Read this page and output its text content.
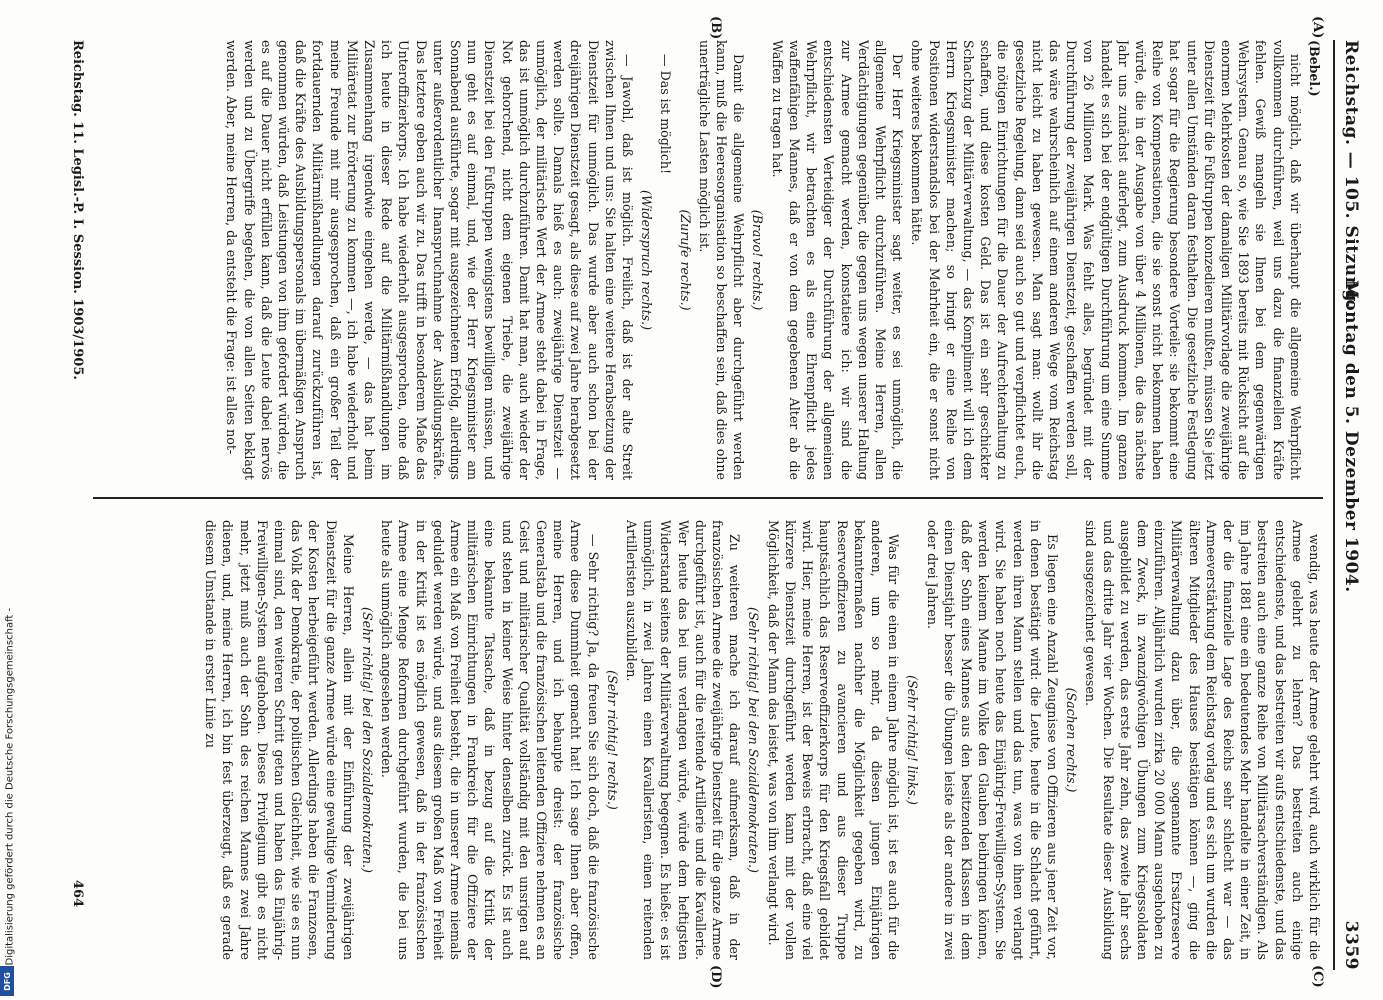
Reichstag. — 105. Sitzung.
Montag den 5. Dezember 1904.
3359
(A)
(B)
(C)
(D)

(Bebel.)

nicht möglich, daß wir überhaupt die allgemeine Wehrpflicht vollkommen durchführen, weil uns dazu die finanziellen Kräfte fehlen. Gewiß mangeln sie Ihnen bei dem gegenwärtigen Wehrsystem. Genau so, wie Sie 1893 bereits mit Rücksicht auf die enormen Mehrkosten der damaligen Militärvorlage die zweijährige Dienstzeit für die Fußtruppen konzedieren mußten, müssen Sie jetzt unter allen Umständen daran festhalten. Die gesetzliche Festlegung hat sogar für die Regierung besondere Vorteile: sie bekommt eine Reihe von Kompensationen, die sie sonst nicht bekommen haben würde, die in der Ausgabe von über 4 Millionen, die das nächste Jahr uns zunächst auferlegt, zum Ausdruck kommen. Im ganzen handelt es sich bei der endgültigen Durchführung um eine Summe von 26 Millionen Mark. Was fehlt alles, begründet mit der Durchführung der zweijährigen Dienstzeit, geschaffen werden soll, das wäre wahrscheinlich auf einem anderen Wege vom Reichstag nicht leicht zu haben gewesen. Man sagt man: wollt ihr die gesetzliche Regelung, dann seid auch so gut und verpflichtet euch, die nötigen Einrichtungen für die Dauer der Aufrechterhaltung zu schaffen, und diese kosten Geld. Das ist ein sehr geschickter Schachzug der Militärverwaltung, — das Kompliment will ich dem Herrn Kriegsminister machen; so bringt er eine Reihe von Positionen widerstandslos bei der Mehrheit ein, die er sonst nicht ohne weiteres bekommen hätte.

Der Herr Kriegsminister sagt weiter, es sei unmöglich, die allgemeine Wehrpflicht durchzuführen. Meine Herren, allen Verdächtigungen gegenüber, die gegen uns wegen unserer Haltung zur Armee gemacht werden, konstatiere ich: wir sind die entschiedensten Verteidiger der Durchführung der allgemeinen Wehrpflicht, wir betrachten es als eine Ehrenpflicht jedes waffenfähigen Mannes, daß er von dem gegebenen Alter ab die Waffen zu tragen hat.

(Bravo! rechts.)

Damit die allgemeine Wehrpflicht aber durchgeführt werden kann, muß die Heeresorganisation so beschaffen sein, daß dies ohne unerträgliche Lasten möglich ist.

(Zurufe rechts.)

— Das ist möglich!

(Widerspruch rechts.)

— Jawohl, daß ist möglich. Freilich, daß ist der alte Streit zwischen Ihnen und uns: Sie halten eine weitere Herabsetzung der Dienstzeit für unmöglich. Das wurde aber auch schon bei der dreijährigen Dienstzeit gesagt, als diese auf zwei Jahre herabgesetzt werden sollte. Damals hieß es auch: zweijährige Dienstzeit — unmöglich, der militärische Wert der Armee steht dabei in Frage, das ist unmöglich durchzuführen. Damit hat man, auch wieder der Not gehorchend, nicht dem eigenen Triebe, die zweijährige Dienstzeit bei den Fußtruppen wenigstens bewilligen müssen, und nun geht es auf einmal, und, wie der Herr Kriegsminister am Sonnabend ausführte, sogar mit ausgezeichnetem Erfolg, allerdings unter außerordentlicher Inanspruchnahme der Ausbildungskräfte. Das letztere geben auch wir zu. Das trifft in besonderem Maße das Unteroffizierkorps. Ich habe wiederholt ausgesprochen, ohne daß ich heute in dieser Rede auf die Militärmißhandlungen im Zusammenhang irgendwie eingehen werde, — das hat beim Militäretat zur Erörterung zu kommen —, ich habe wiederholt und meine Freunde mit mir ausgesprochen, daß ein großer Teil der fortdauernden Militärmißhandlungen darauf zurückzuführen ist, daß die Kräfte des Ausbildungspersonals im übermäßigen Anspruch genommen würden, daß Leistungen von ihm gefordert würden, die es auf die Dauer nicht erfüllen kann, daß die Leute dabei nervös werden und zu Übergriffe begehen, die von allen Seiten beklagt werden. Aber, meine Herren, da entsteht die Frage: ist alles not-

wendig, was heute der Armee gelehrt wird, auch wirklich für die Armee gelehrt zu lehren? Das bestreiten auch einige entschiedenste, und das bestreiten wir aufs entschiedenste, und das bestreiten auch eine ganze Reihe von Militärsachverständigen. Als im Jahre 1881 eine ein bedeutendes Mehr handelte in einer Zeit, in der die finanzielle Lage des Reichs sehr schlecht war — das Armeeverstärkung dem Reichstag vorlag und es sich um wurden die älteren Mitglieder des Hauses bestätigen können —, ging die Militärverwaltung dazu über, die sogenannte Ersatzreserve einzuführen. Alljährlich wurden zirka 20 000 Mann ausgehoben zu dem Zweck, in zwanzigwöchigen Übungen zum Kriegssoldaten ausgebildet zu werden, das erste Jahr zehn, das zweite Jahr sechs und das dritte Jahr vier Wochen. Die Resultate dieser Ausbildung sind ausgezeichnet gewesen.

(Sachen rechts.)

Es liegen eine Anzahl Zeugnisse von Offizieren aus jener Zeit vor, in denen bestätigt wird: die Leute, heute in die Schlacht geführt, werden ihren Mann stellen und das tun, was von ihnen verlangt wird. Sie haben noch heute das Einjährig-Freiwilligen-System. Sie werden keinem Manne im Volke den Glauben beibringen können, daß der Sohn eines Mannes aus den besitzenden Klassen in dem einen Dienstjahr besser die Übungen leiste als der andere in zwei oder drei Jahren.

(Sehr richtig! links.)

Was für die einen in einem Jahre möglich ist, ist es auch für die anderen, um so mehr, da diesen jungen Einjährigen bekanntermaßen nachher die Möglichkeit gegeben wird, zu Reserveoffizieren zu avancieren und aus dieser Truppe hauptsächlich das Reserveoffizierkorps für den Kriegsfall gebildet wird. Hier, meine Herren, ist der Beweis erbracht, daß eine viel kürzere Dienstzeit durchgeführt werden kann mit der vollen Möglichkeit, daß der Mann das leistet, was von ihm verlangt wird.

(Sehr richtig! bei den Sozialdemokraten.)

Zu weiteren mache ich darauf aufmerksam, daß in der französischen Armee die zweijährige Dienstzeit für die ganze Armee durchgeführt ist, auch für die reitende Artillerie und die Kavallerie. Wer heute das bei uns verlangen würde, würde dem heftigsten Widerstand seitens der Militärverwaltung begegnen. Es hieße: es ist unmöglich, in zwei Jahren einen Kavalleristen, einen reitenden Artilleristen auszubilden.

(Sehr richtig! rechts.)

— Sehr richtig? Ja, da freuen Sie sich doch, daß die französische Armee diese Dummheit gemacht hat! Ich sage Ihnen aber offen, meine Herren, und ich behaupte dreist: der französische Generalstab und die französischen leitenden Offiziere nehmen es an Geist und militärischer Qualität vollständig mit den unsrigen auf und stehen in keiner Weise hinter denselben zurück. Es ist auch eine bekannte Tatsache, daß in bezug auf die Kritik der militärischen Einrichtungen in Frankreich für die Offiziere der Armee ein Maß von Freiheit besteht, die in unserer Armee niemals geduldet werden würde, und aus diesem großen Maß von Freiheit in der Kritik ist es möglich gewesen, daß in der französischen Armee eine Menge Reformen durchgeführt wurden, die bei uns heute als unmöglich angesehen werden.

(Sehr richtig! bei den Sozialdemokraten.)

Meine Herren, allein mit der Einführung der zweijährigen Dienstzeit für die ganze Armee würde eine gewaltige Verminderung der Kosten herbeigeführt werden. Allerdings haben die Franzosen, das Volk der Demokratie, der politischen Gleichheit, wie sie es nun einmal sind, den weiteren Schritt getan und haben das Einjährig-Freiwilligen-System aufgehoben. Dieses Privilegium gibt es nicht mehr, jetzt muß auch der Sohn des reichen Mannes zwei Jahre dienen, und, meine Herren, ich bin fest überzeugt, daß es gerade diesem Umstande in erster Linie zu

Reichstag. 11. Legisl.-P. I. Session. 1903/1905.
464
Digitalisierung gefördert durch die Deutsche Forschungsgemeinschaft -
DFG
